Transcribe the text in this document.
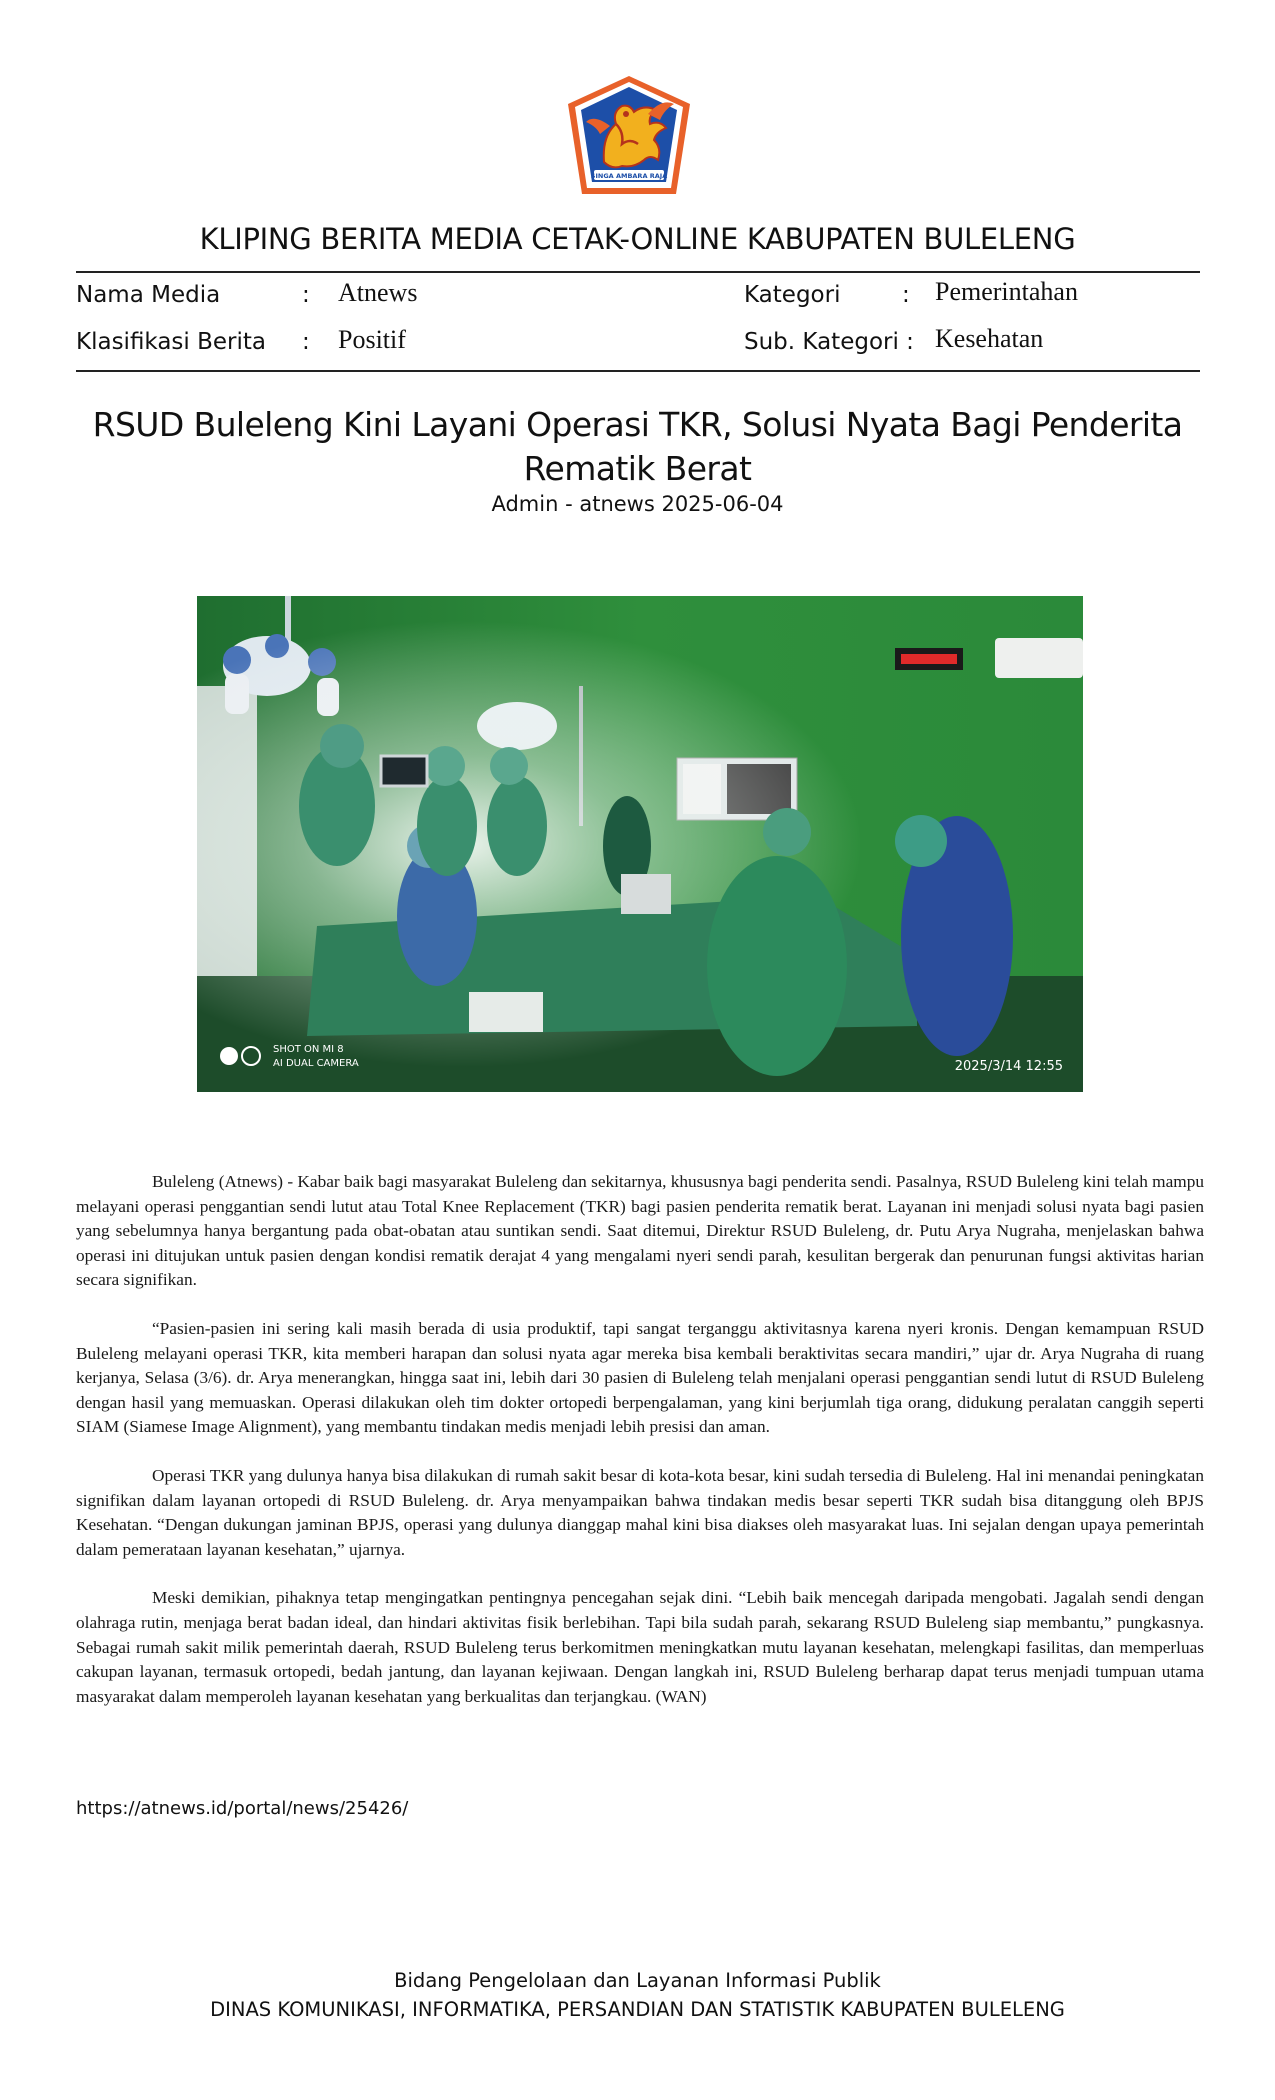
SINGA AMBARA RAJA
KLIPING BERITA MEDIA CETAK-ONLINE KABUPATEN BULELENG
Nama Media	: Atnews	Kategori	: Pemerintahan
Klasifikasi Berita : Positif	Sub. Kategori : Kesehatan
RSUD Buleleng Kini Layani Operasi TKR, Solusi Nyata Bagi Penderita Rematik Berat
Admin - atnews 2025-06-04
SHOT ON MI 8
AI DUAL CAMERA	2025/3/14 12:55

Buleleng (Atnews) - Kabar baik bagi masyarakat Buleleng dan sekitarnya, khususnya bagi penderita sendi. Pasalnya, RSUD Buleleng kini telah mampu melayani operasi penggantian sendi lutut atau Total Knee Replacement (TKR) bagi pasien penderita rematik berat. Layanan ini menjadi solusi nyata bagi pasien yang sebelumnya hanya bergantung pada obat-obatan atau suntikan sendi. Saat ditemui, Direktur RSUD Buleleng, dr. Putu Arya Nugraha, menjelaskan bahwa operasi ini ditujukan untuk pasien dengan kondisi rematik derajat 4 yang mengalami nyeri sendi parah, kesulitan bergerak dan penurunan fungsi aktivitas harian secara signifikan.

“Pasien-pasien ini sering kali masih berada di usia produktif, tapi sangat terganggu aktivitasnya karena nyeri kronis. Dengan kemampuan RSUD Buleleng melayani operasi TKR, kita memberi harapan dan solusi nyata agar mereka bisa kembali beraktivitas secara mandiri,” ujar dr. Arya Nugraha di ruang kerjanya, Selasa (3/6). dr. Arya menerangkan, hingga saat ini, lebih dari 30 pasien di Buleleng telah menjalani operasi penggantian sendi lutut di RSUD Buleleng dengan hasil yang memuaskan. Operasi dilakukan oleh tim dokter ortopedi berpengalaman, yang kini berjumlah tiga orang, didukung peralatan canggih seperti SIAM (Siamese Image Alignment), yang membantu tindakan medis menjadi lebih presisi dan aman.

Operasi TKR yang dulunya hanya bisa dilakukan di rumah sakit besar di kota-kota besar, kini sudah tersedia di Buleleng. Hal ini menandai peningkatan signifikan dalam layanan ortopedi di RSUD Buleleng. dr. Arya menyampaikan bahwa tindakan medis besar seperti TKR sudah bisa ditanggung oleh BPJS Kesehatan. “Dengan dukungan jaminan BPJS, operasi yang dulunya dianggap mahal kini bisa diakses oleh masyarakat luas. Ini sejalan dengan upaya pemerintah dalam pemerataan layanan kesehatan,” ujarnya.

Meski demikian, pihaknya tetap mengingatkan pentingnya pencegahan sejak dini. “Lebih baik mencegah daripada mengobati. Jagalah sendi dengan olahraga rutin, menjaga berat badan ideal, dan hindari aktivitas fisik berlebihan. Tapi bila sudah parah, sekarang RSUD Buleleng siap membantu,” pungkasnya. Sebagai rumah sakit milik pemerintah daerah, RSUD Buleleng terus berkomitmen meningkatkan mutu layanan kesehatan, melengkapi fasilitas, dan memperluas cakupan layanan, termasuk ortopedi, bedah jantung, dan layanan kejiwaan. Dengan langkah ini, RSUD Buleleng berharap dapat terus menjadi tumpuan utama masyarakat dalam memperoleh layanan kesehatan yang berkualitas dan terjangkau. (WAN)

https://atnews.id/portal/news/25426/
Bidang Pengelolaan dan Layanan Informasi Publik
DINAS KOMUNIKASI, INFORMATIKA, PERSANDIAN DAN STATISTIK KABUPATEN BULELENG
